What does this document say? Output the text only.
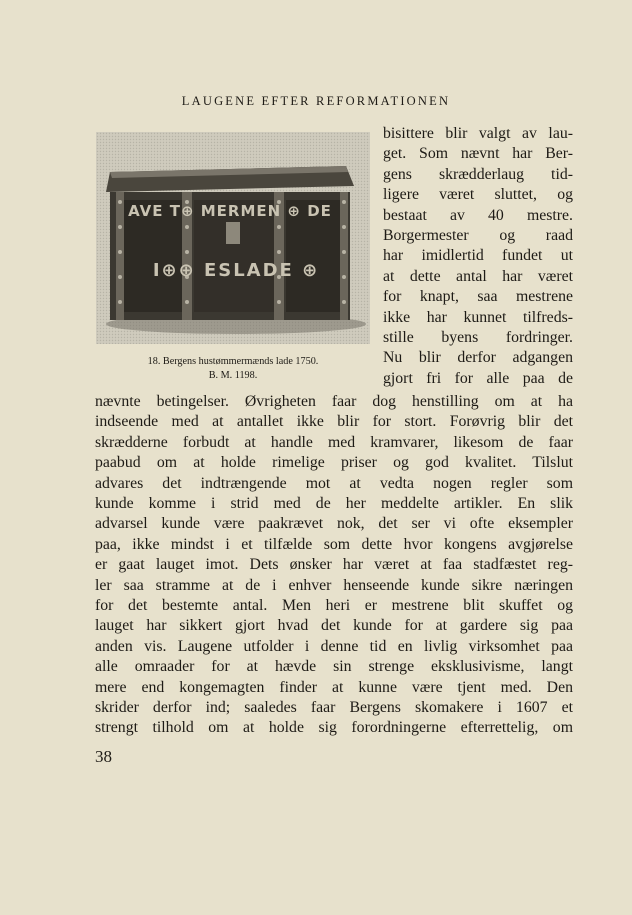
LAUGENE EFTER REFORMATIONEN
AVE T⊕ MERMEN ⊕ DE
I⊕⊕ ESLADE ⊕
18. Bergens hustømmermænds lade 1750.
B. M. 1198.
bisittere blir valgt av lau-
get. Som nævnt har Ber-
gens skrædderlaug tid-
ligere været sluttet, og
bestaat av 40 mestre.
Borgermester og raad
har imidlertid fundet ut
at dette antal har været
for knapt, saa mestrene
ikke har kunnet tilfreds-
stille byens fordringer.
Nu blir derfor adgangen
gjort fri for alle paa de
nævnte betingelser. Øvrigheten faar dog henstilling om at ha
indseende med at antallet ikke blir for stort. Forøvrig blir det
skrædderne forbudt at handle med kramvarer, likesom de faar
paabud om at holde rimelige priser og god kvalitet. Tilslut
advares det indtrængende mot at vedta nogen regler som
kunde komme i strid med de her meddelte artikler. En slik
advarsel kunde være paakrævet nok, det ser vi ofte eksempler
paa, ikke mindst i et tilfælde som dette hvor kongens avgjørelse
er gaat lauget imot. Dets ønsker har været at faa stadfæstet reg-
ler saa stramme at de i enhver henseende kunde sikre næringen
for det bestemte antal. Men heri er mestrene blit skuffet og
lauget har sikkert gjort hvad det kunde for at gardere sig paa
anden vis. Laugene utfolder i denne tid en livlig virksomhet paa
alle omraader for at hævde sin strenge eksklusivisme, langt
mere end kongemagten finder at kunne være tjent med. Den
skrider derfor ind; saaledes faar Bergens skomakere i 1607 et
strengt tilhold om at holde sig forordningerne efterrettelig, om
38
